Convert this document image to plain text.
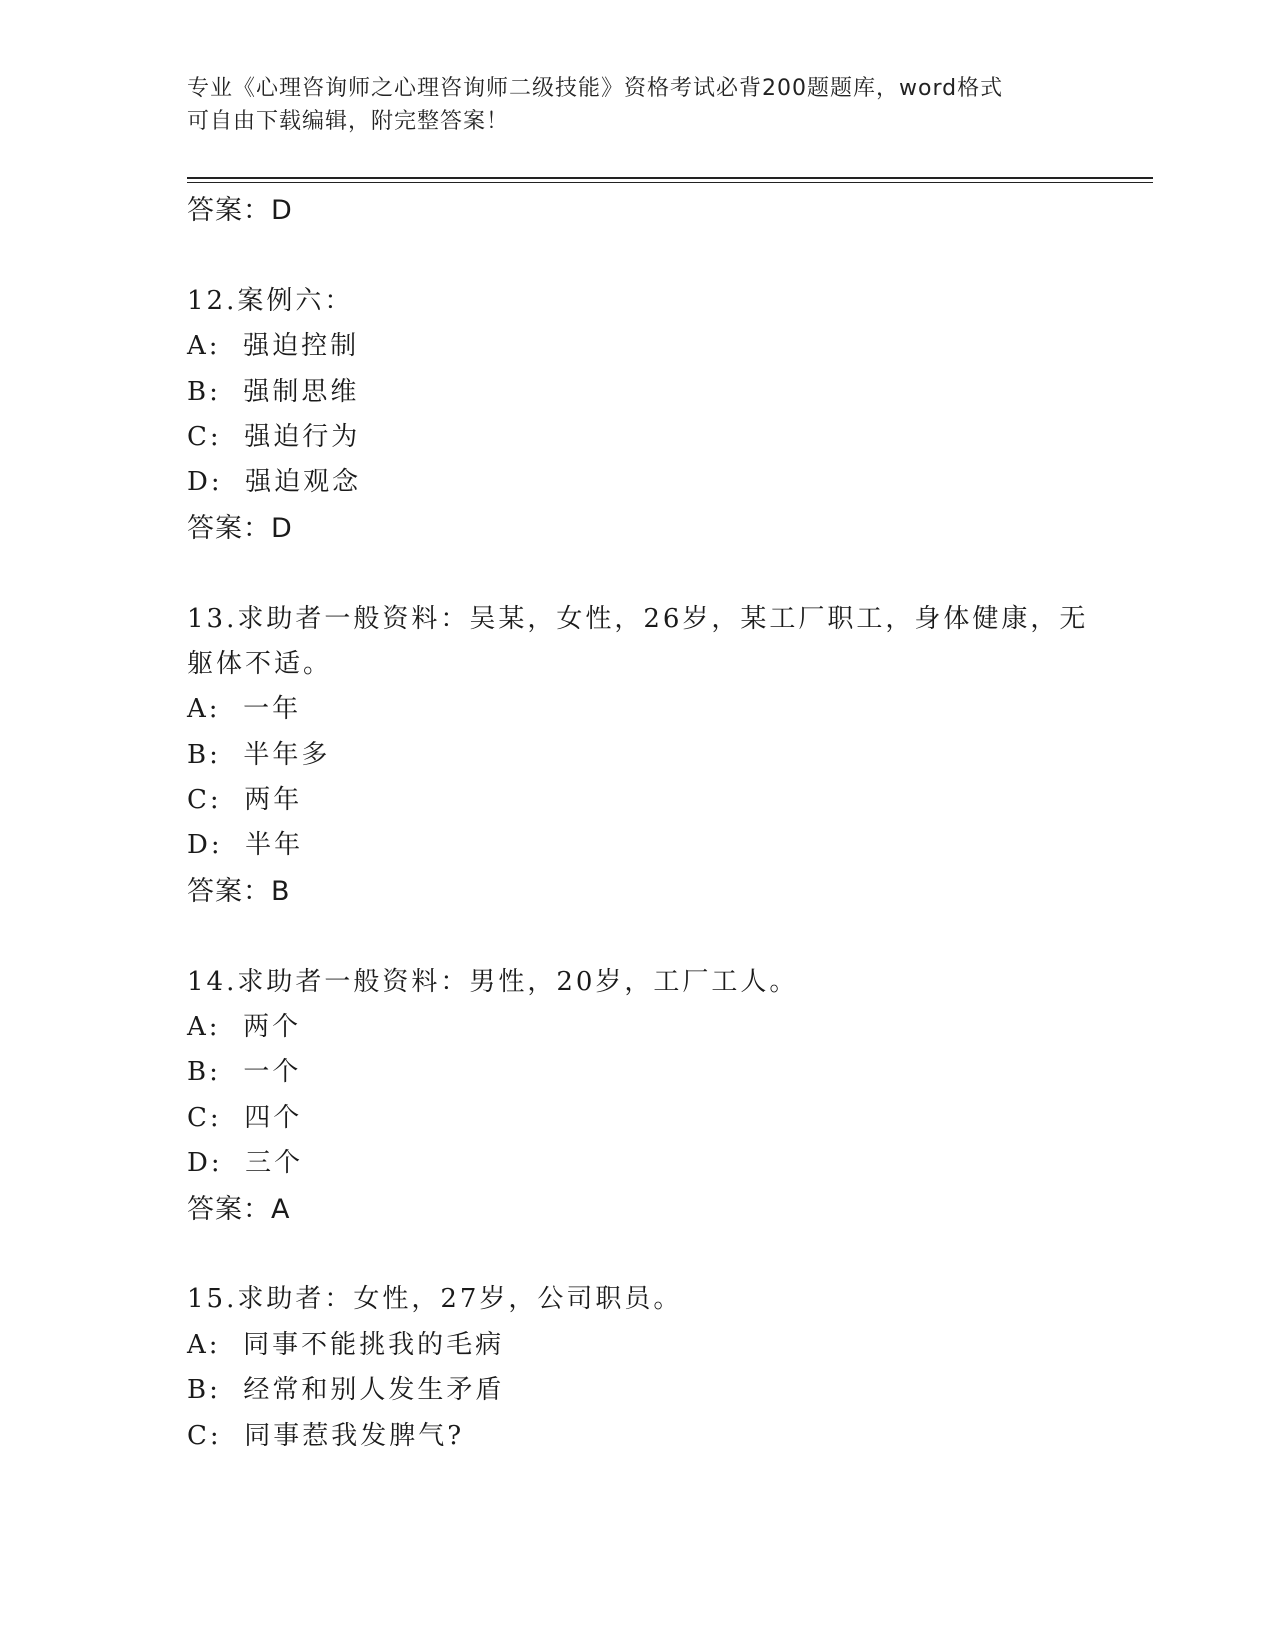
专业《心理咨询师之心理咨询师二级技能》资格考试必背200题题库，word格式
可自由下载编辑，附完整答案！
答案：D
12.案例六：
A: 强迫控制
B: 强制思维
C: 强迫行为
D: 强迫观念
答案：D
13.求助者一般资料：吴某，女性，26岁，某工厂职工，身体健康，无
躯体不适。
A: 一年
B: 半年多
C: 两年
D: 半年
答案：B
14.求助者一般资料：男性，20岁，工厂工人。
A: 两个
B: 一个
C: 四个
D: 三个
答案：A
15.求助者：女性，27岁，公司职员。
A: 同事不能挑我的毛病
B: 经常和别人发生矛盾
C: 同事惹我发脾气?
